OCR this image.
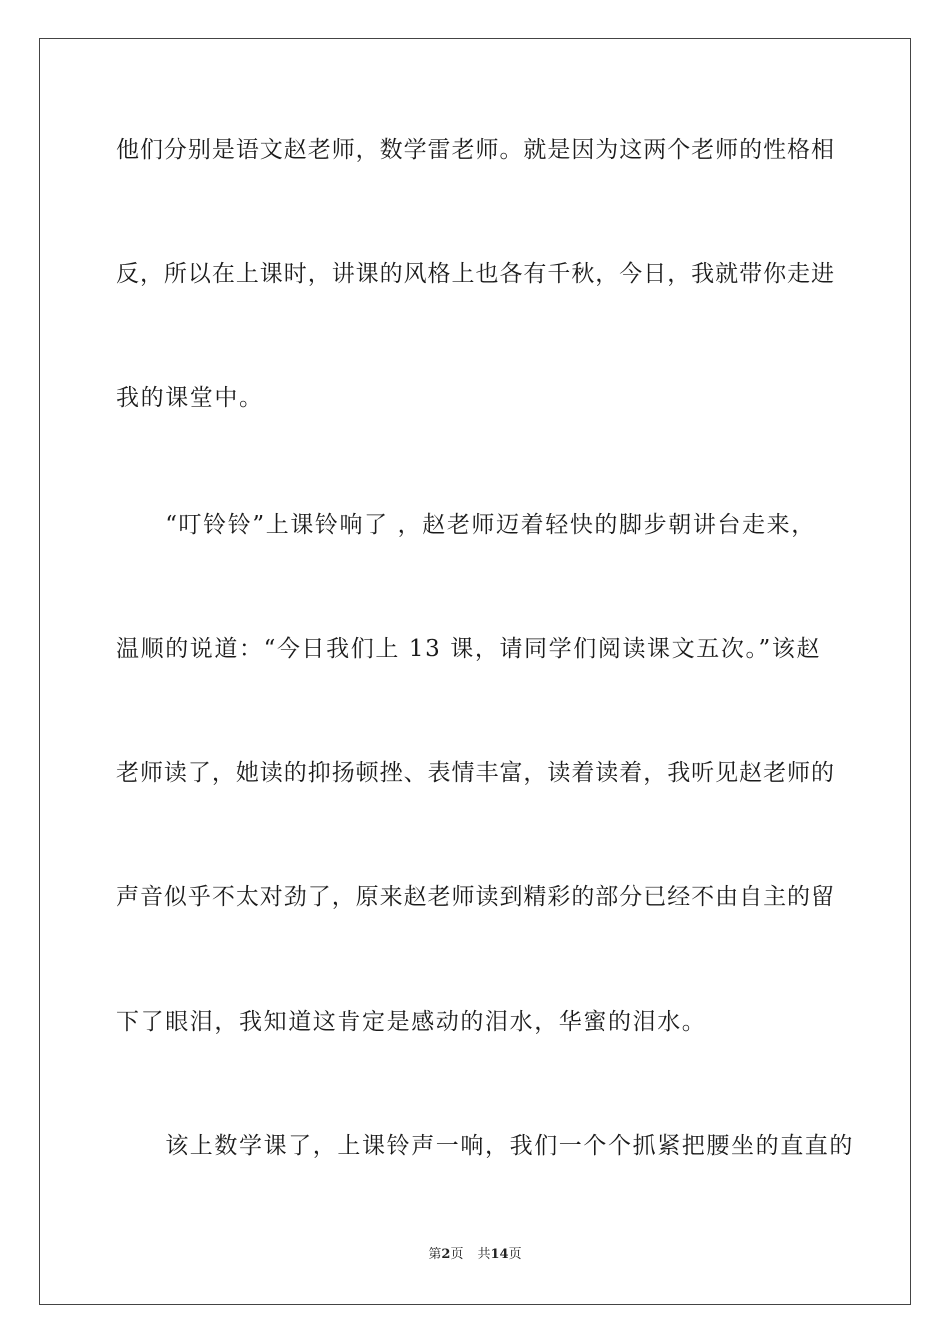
他们分别是语文赵老师，数学雷老师。就是因为这两个老师的性格相
反，所以在上课时，讲课的风格上也各有千秋，今日，我就带你走进
我的课堂中。
　　“叮铃铃”上课铃响了 ，赵老师迈着轻快的脚步朝讲台走来，
温顺的说道：“今日我们上 13 课，请同学们阅读课文五次。”该赵
老师读了，她读的抑扬顿挫、表情丰富，读着读着，我听见赵老师的
声音似乎不太对劲了，原来赵老师读到精彩的部分已经不由自主的留
下了眼泪，我知道这肯定是感动的泪水，华蜜的泪水。
　　该上数学课了，上课铃声一响，我们一个个抓紧把腰坐的直直的
第2页 共14页
